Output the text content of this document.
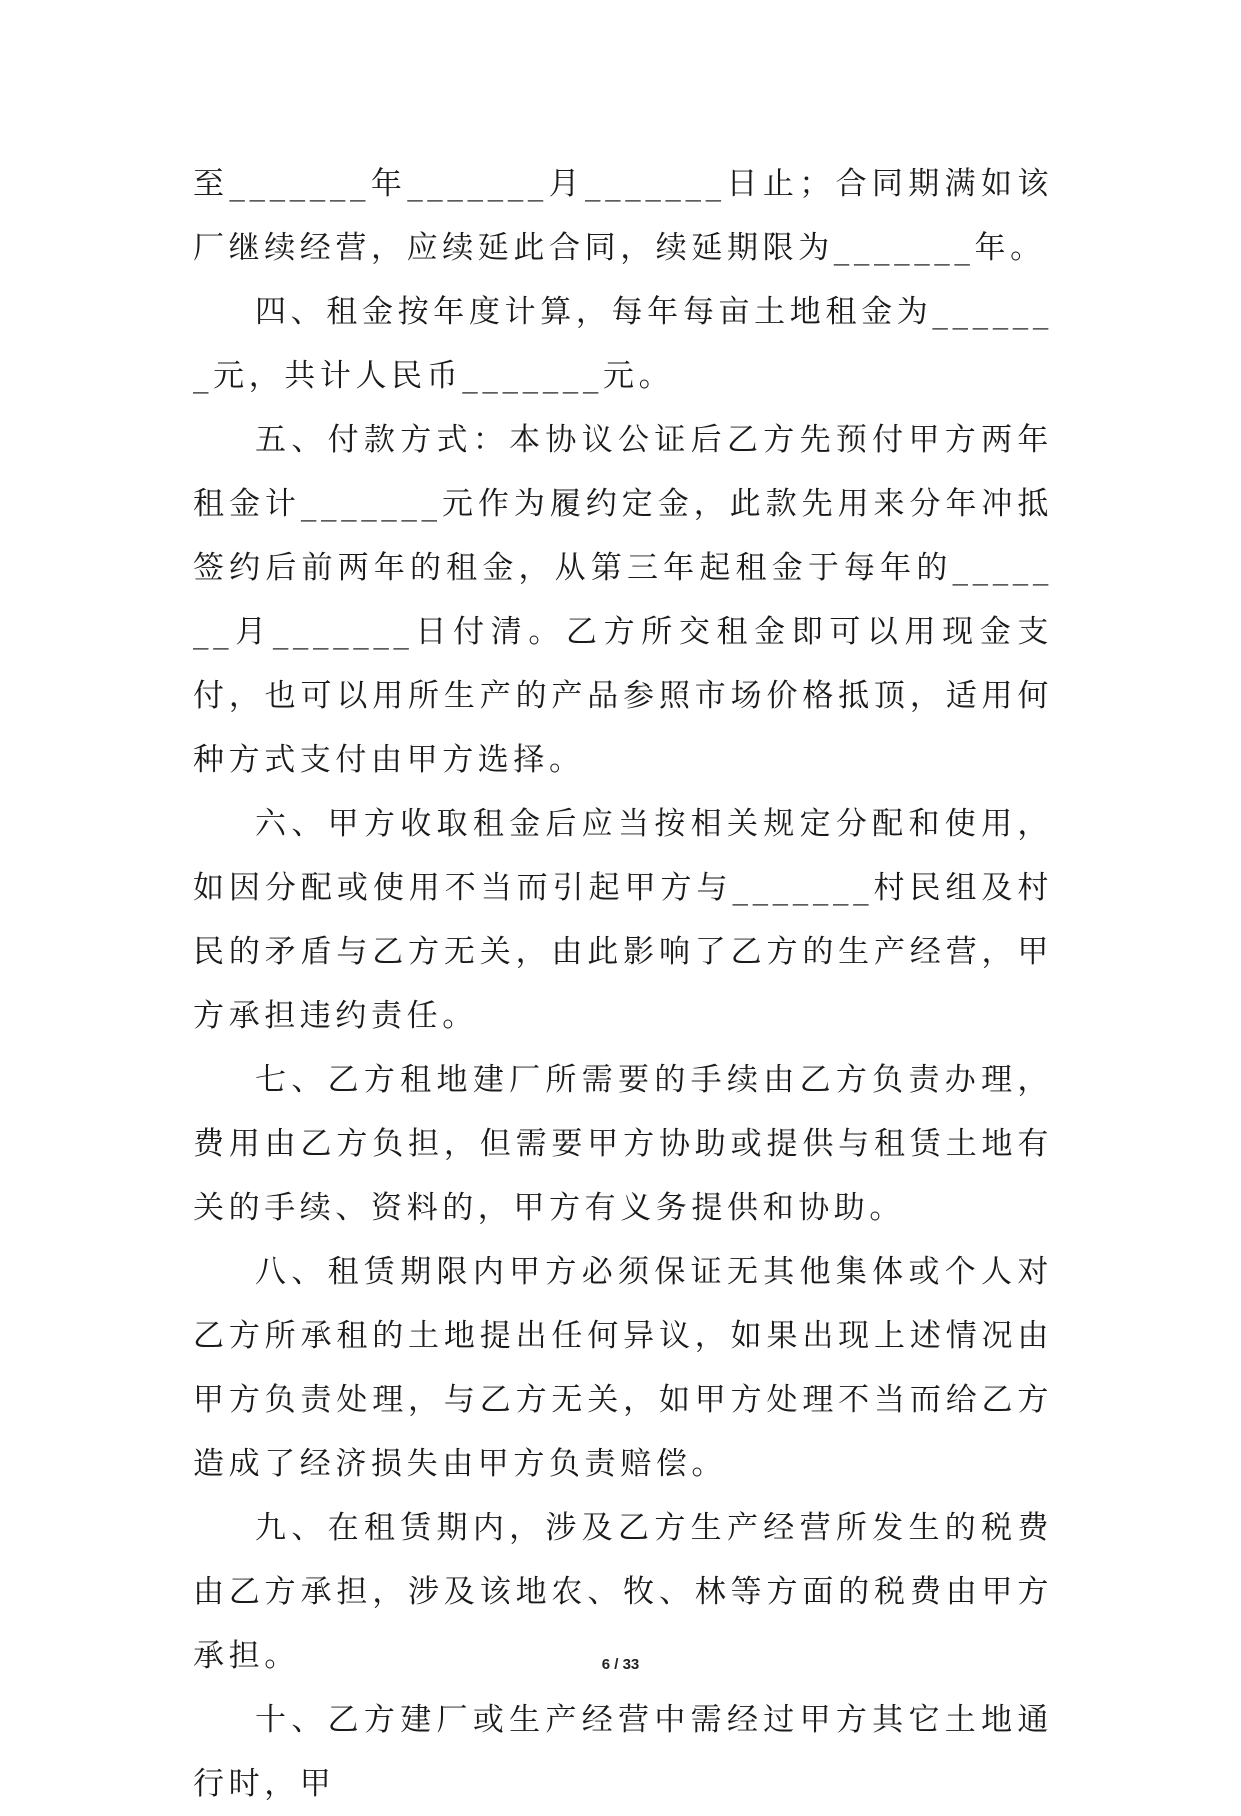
至_______年_______月_______日止；合同期满如该厂继续经营，应续延此合同，续延期限为_______年。

四、租金按年度计算，每年每亩土地租金为_______元，共计人民币_______元。

五、付款方式：本协议公证后乙方先预付甲方两年租金计_______元作为履约定金，此款先用来分年冲抵签约后前两年的租金，从第三年起租金于每年的_______月_______日付清。乙方所交租金即可以用现金支付，也可以用所生产的产品参照市场价格抵顶，适用何种方式支付由甲方选择。

六、甲方收取租金后应当按相关规定分配和使用，如因分配或使用不当而引起甲方与_______村民组及村民的矛盾与乙方无关，由此影响了乙方的生产经营，甲方承担违约责任。

七、乙方租地建厂所需要的手续由乙方负责办理，费用由乙方负担，但需要甲方协助或提供与租赁土地有关的手续、资料的，甲方有义务提供和协助。

八、租赁期限内甲方必须保证无其他集体或个人对乙方所承租的土地提出任何异议，如果出现上述情况由甲方负责处理，与乙方无关，如甲方处理不当而给乙方造成了经济损失由甲方负责赔偿。

九、在租赁期内，涉及乙方生产经营所发生的税费由乙方承担，涉及该地农、牧、林等方面的税费由甲方承担。

十、乙方建厂或生产经营中需经过甲方其它土地通行时，甲

6 / 33
